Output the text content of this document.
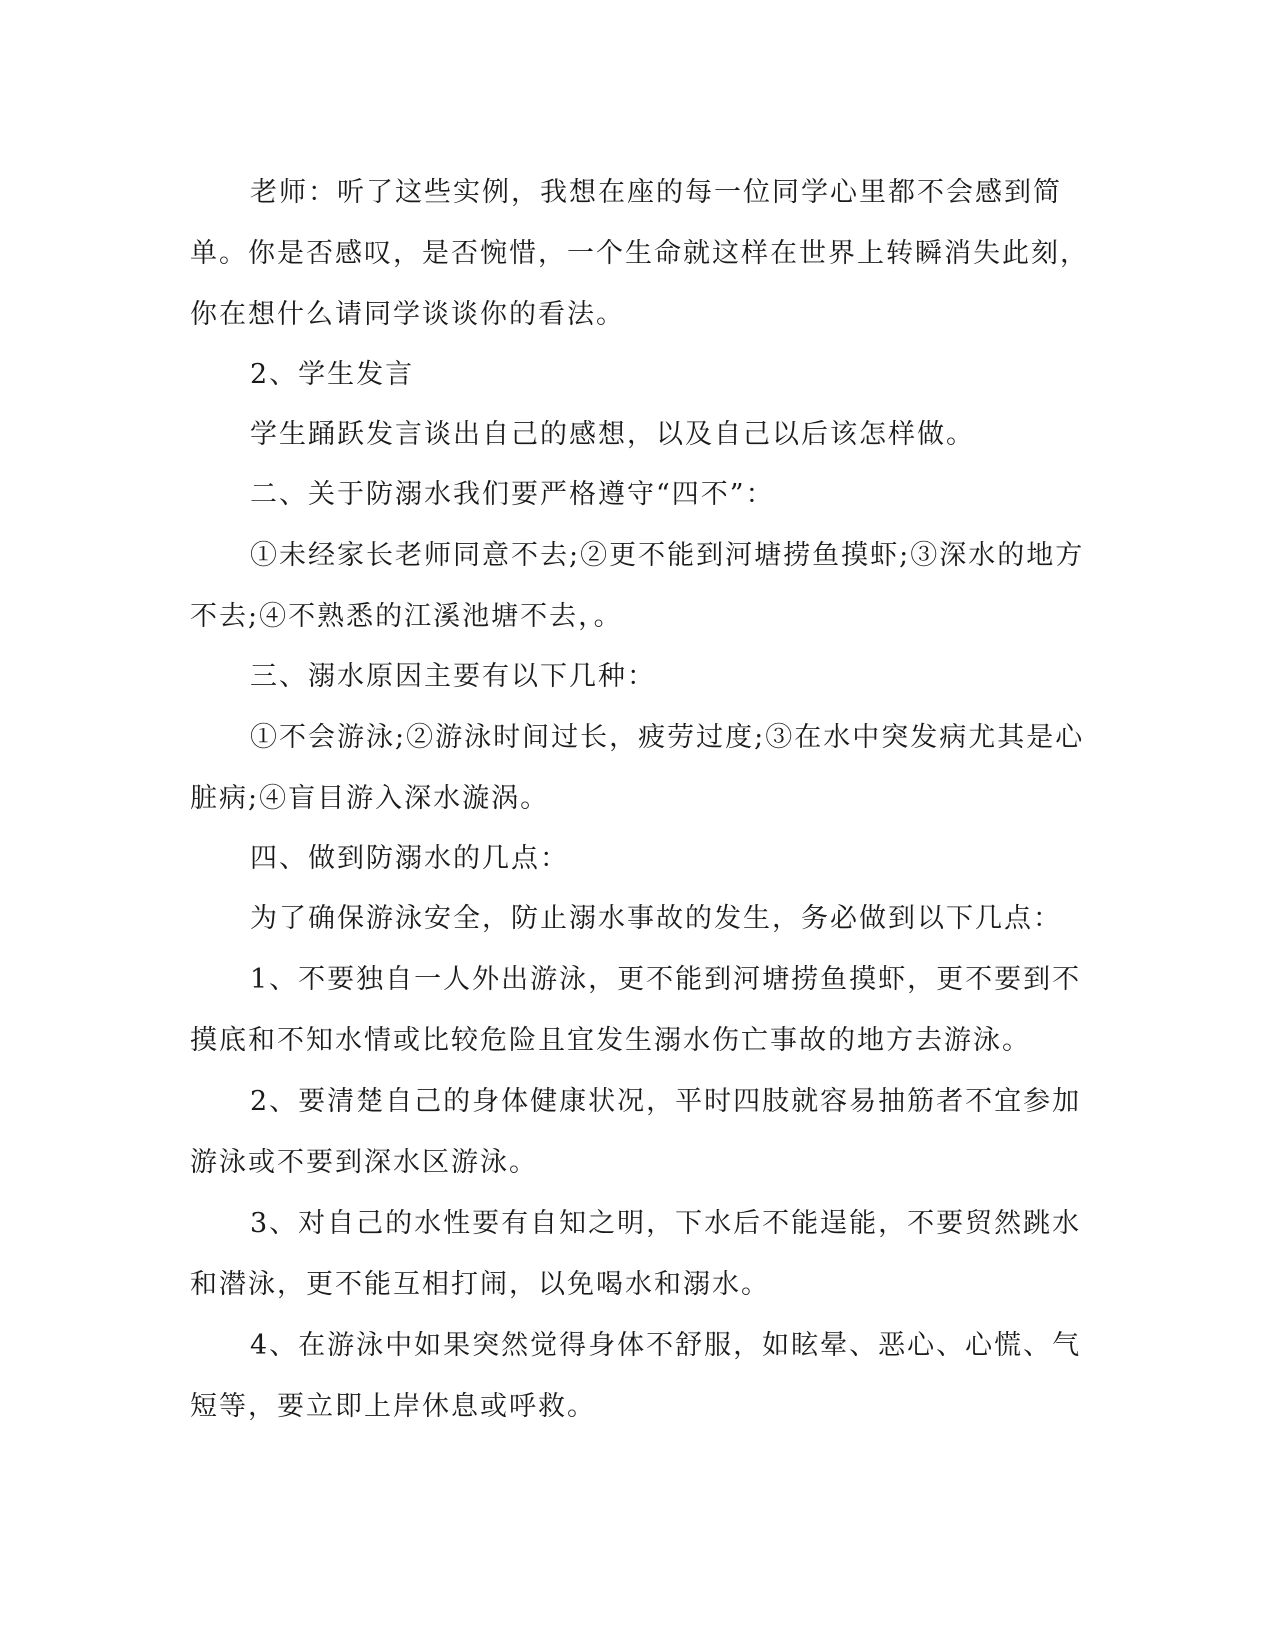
老师：听了这些实例，我想在座的每一位同学心里都不会感到简单。你是否感叹，是否惋惜，一个生命就这样在世界上转瞬消失此刻，你在想什么请同学谈谈你的看法。

2、学生发言

学生踊跃发言谈出自己的感想，以及自己以后该怎样做。

二、关于防溺水我们要严格遵守“四不”：

①未经家长老师同意不去;②更不能到河塘捞鱼摸虾;③深水的地方不去;④不熟悉的江溪池塘不去，。

三、溺水原因主要有以下几种：

①不会游泳;②游泳时间过长，疲劳过度;③在水中突发病尤其是心脏病;④盲目游入深水漩涡。

四、做到防溺水的几点：

为了确保游泳安全，防止溺水事故的发生，务必做到以下几点：

1、不要独自一人外出游泳，更不能到河塘捞鱼摸虾，更不要到不摸底和不知水情或比较危险且宜发生溺水伤亡事故的地方去游泳。

2、要清楚自己的身体健康状况，平时四肢就容易抽筋者不宜参加游泳或不要到深水区游泳。

3、对自己的水性要有自知之明，下水后不能逞能，不要贸然跳水和潜泳，更不能互相打闹，以免喝水和溺水。

4、在游泳中如果突然觉得身体不舒服，如眩晕、恶心、心慌、气短等，要立即上岸休息或呼救。
